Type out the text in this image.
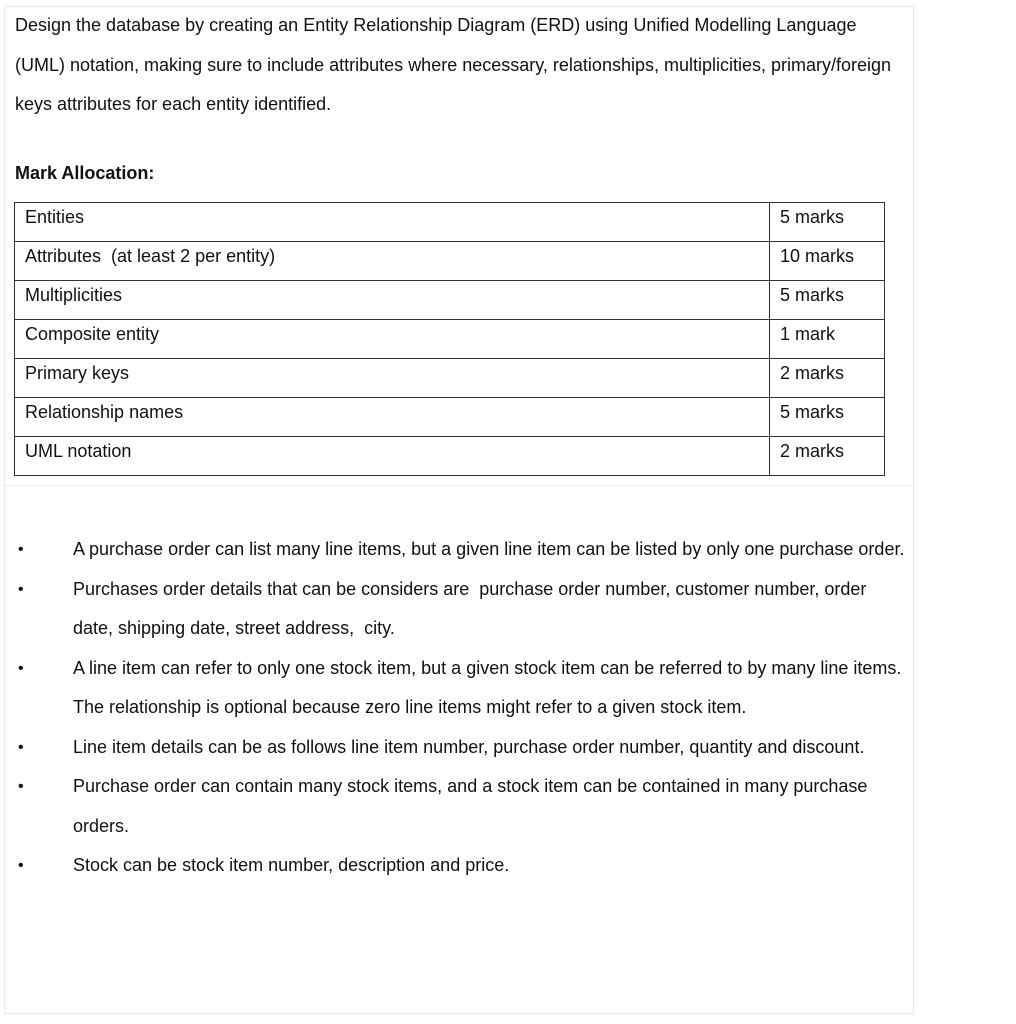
Design the database by creating an Entity Relationship Diagram (ERD) using Unified Modelling Language (UML) notation, making sure to include attributes where necessary, relationships, multiplicities, primary/foreign keys attributes for each entity identified.

Mark Allocation:
Entities	5 marks
Attributes  (at least 2 per entity)	10 marks
Multiplicities	5 marks
Composite entity	1 mark
Primary keys	2 marks
Relationship names	5 marks
UML notation	2 marks
•	A purchase order can list many line items, but a given line item can be listed by only one purchase order.
•	Purchases order details that can be considers are  purchase order number, customer number, order date, shipping date, street address,  city.
•	A line item can refer to only one stock item, but a given stock item can be referred to by many line items. The relationship is optional because zero line items might refer to a given stock item.
•	Line item details can be as follows line item number, purchase order number, quantity and discount.
•	Purchase order can contain many stock items, and a stock item can be contained in many purchase orders.
•	Stock can be stock item number, description and price.
